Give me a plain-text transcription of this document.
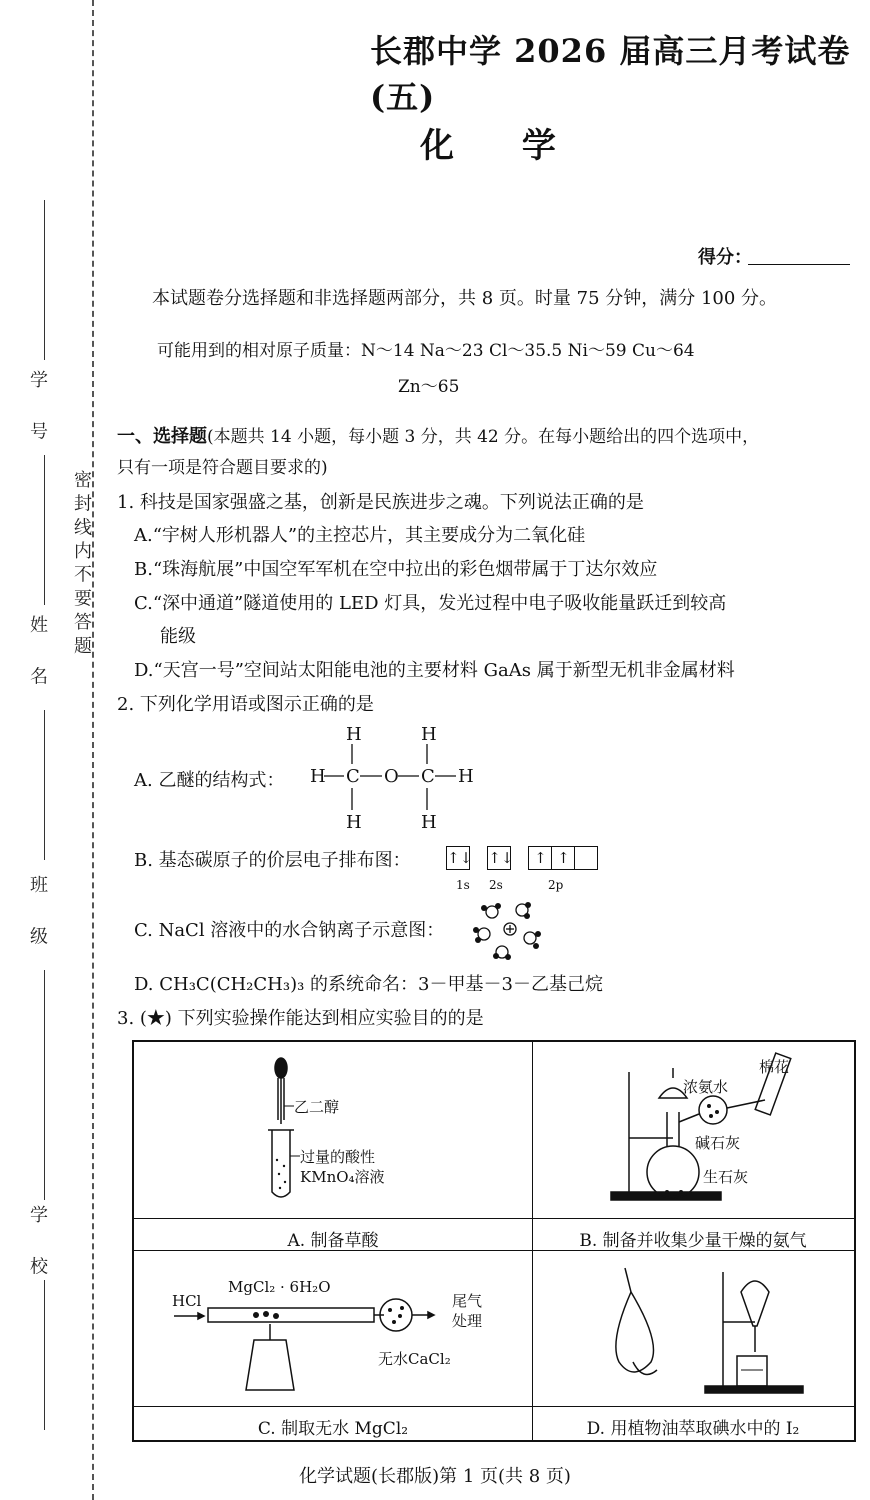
学 号
姓 名
班 级
学 校
密 封 线 内 不 要 答 题
长郡中学 2026 届高三月考试卷(五)
化 学
得分：
本试题卷分选择题和非选择题两部分，共 8 页。时量 75 分钟，满分 100 分。
可能用到的相对原子质量：N～14 Na～23 Cl～35.5 Ni～59 Cu～64
Zn～65
一、选择题(本题共 14 小题，每小题 3 分，共 42 分。在每小题给出的四个选项中，
只有一项是符合题目要求的)
1. 科技是国家强盛之基，创新是民族进步之魂。下列说法正确的是
A.“宇树人形机器人”的主控芯片，其主要成分为二氧化硅
B.“珠海航展”中国空军军机在空中拉出的彩色烟带属于丁达尔效应
C.“深中通道”隧道使用的 LED 灯具，发光过程中电子吸收能量跃迁到较高
能级
D.“天宫一号”空间站太阳能电池的主要材料 GaAs 属于新型无机非金属材料
2. 下列化学用语或图示正确的是
A. 乙醚的结构式：
H	H
H C O C H
H	H
B. 基态碳原子的价层电子排布图： ↑↓ ↑↓ ↑ ↑
1s 2s	2p
C. NaCl 溶液中的水合钠离子示意图：
D. CH₃C(CH₂CH₃)₃ 的系统命名：3－甲基－3－乙基己烷
3. (★) 下列实验操作能达到相应实验目的的是
乙二醇
过量的酸性
KMnO₄溶液
棉花
浓氨水
碱石灰
生石灰
A. 制备草酸	B. 制备并收集少量干燥的氨气
HCl
MgCl₂ · 6H₂O
尾气
处理
无水CaCl₂
C. 制取无水 MgCl₂	D. 用植物油萃取碘水中的 I₂
化学试题(长郡版)第 1 页(共 8 页)
